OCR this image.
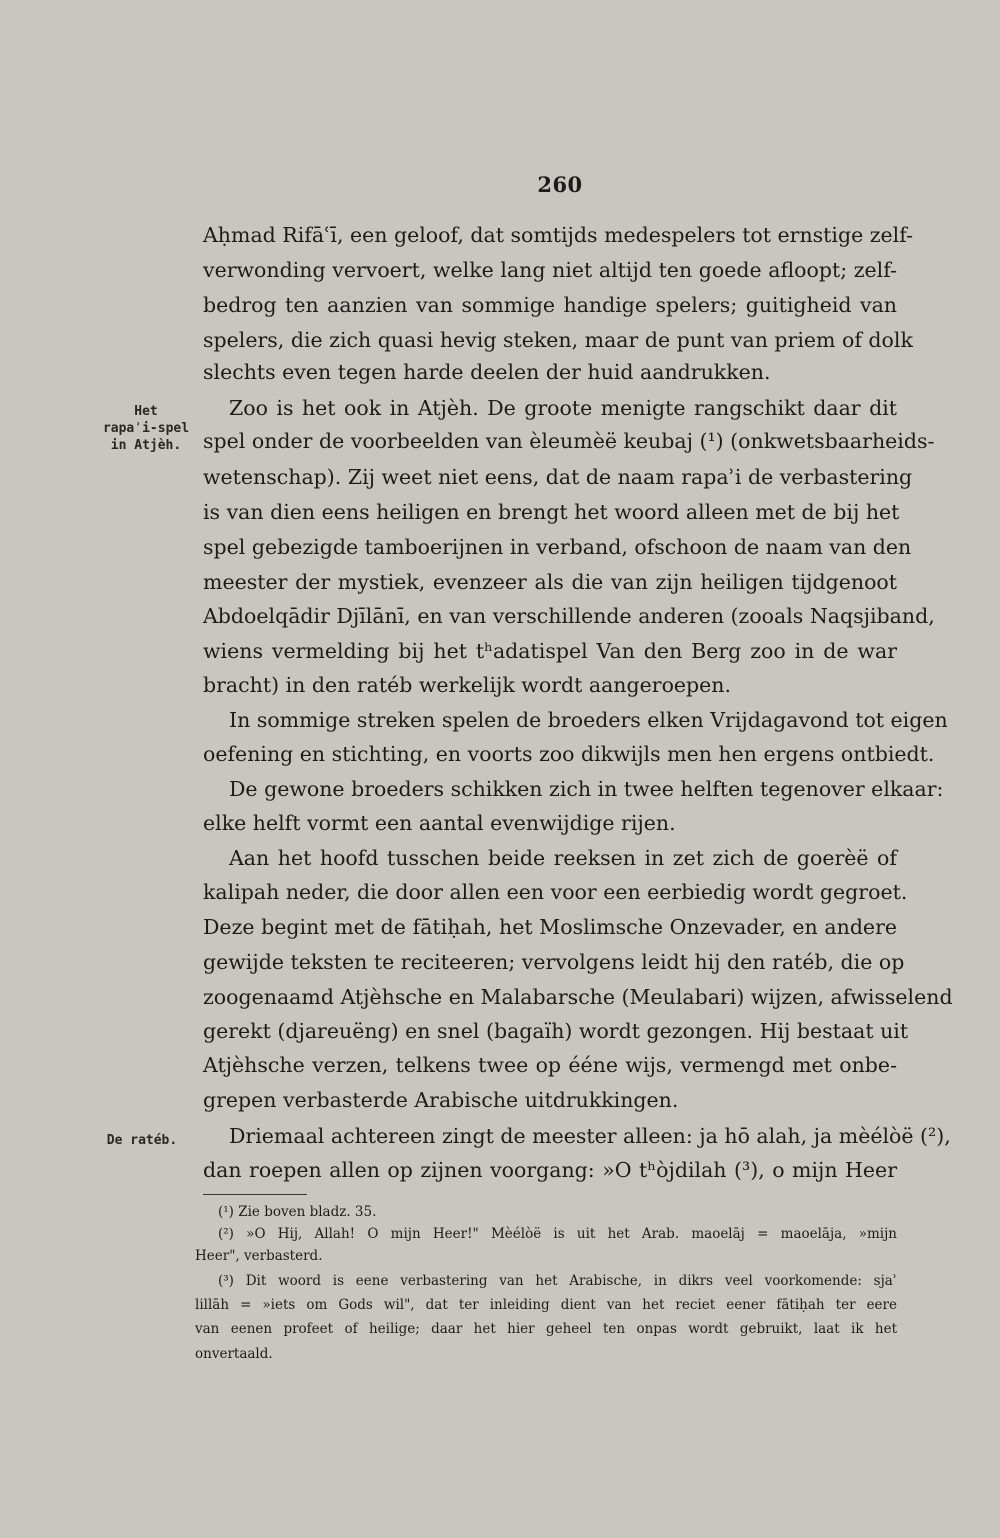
260
Het
rapaʾi-spel
in Atjèh.
De ratéb.
Aḥmad Rifāʿī, een geloof, dat somtijds medespelers tot ernstige zelf-
verwonding vervoert, welke lang niet altijd ten goede afloopt; zelf-
bedrog ten aanzien van sommige handige spelers; guitigheid van
spelers, die zich quasi hevig steken, maar de punt van priem of dolk
slechts even tegen harde deelen der huid aandrukken.
Zoo is het ook in Atjèh. De groote menigte rangschikt daar dit
spel onder de voorbeelden van èleumèë keubaj (¹) (onkwetsbaarheids-
wetenschap). Zij weet niet eens, dat de naam rapaʾi de verbastering
is van dien eens heiligen en brengt het woord alleen met de bij het
spel gebezigde tamboerijnen in verband, ofschoon de naam van den
meester der mystiek, evenzeer als die van zijn heiligen tijdgenoot
Abdoelqādir Djīlānī, en van verschillende anderen (zooals Naqsjiband,
wiens vermelding bij het tʰadatispel Van den Berg zoo in de war
bracht) in den ratéb werkelijk wordt aangeroepen.
In sommige streken spelen de broeders elken Vrijdagavond tot eigen
oefening en stichting, en voorts zoo dikwijls men hen ergens ontbiedt.
De gewone broeders schikken zich in twee helften tegenover elkaar:
elke helft vormt een aantal evenwijdige rijen.
Aan het hoofd tusschen beide reeksen in zet zich de goerèë of
kalipah neder, die door allen een voor een eerbiedig wordt gegroet.
Deze begint met de fātiḥah, het Moslimsche Onzevader, en andere
gewijde teksten te reciteeren; vervolgens leidt hij den ratéb, die op
zoogenaamd Atjèhsche en Malabarsche (Meulabari) wijzen, afwisselend
gerekt (djareuëng) en snel (bagaïh) wordt gezongen. Hij bestaat uit
Atjèhsche verzen, telkens twee op ééne wijs, vermengd met onbe-
grepen verbasterde Arabische uitdrukkingen.
Driemaal achtereen zingt de meester alleen: ja hō alah, ja mèélòë (²),
dan roepen allen op zijnen voorgang: »O tʰòjdilah (³), o mijn Heer
(¹) Zie boven bladz. 35.
(²) »O Hij, Allah! O mijn Heer!" Mèélòë is uit het Arab. maoelāj = maoelāja, »mijn
Heer", verbasterd.
(³) Dit woord is eene verbastering van het Arabische, in dikrs veel voorkomende: sjaʾ
lillāh = »iets om Gods wil", dat ter inleiding dient van het reciet eener fātiḥah ter eere
van eenen profeet of heilige; daar het hier geheel ten onpas wordt gebruikt, laat ik het
onvertaald.
